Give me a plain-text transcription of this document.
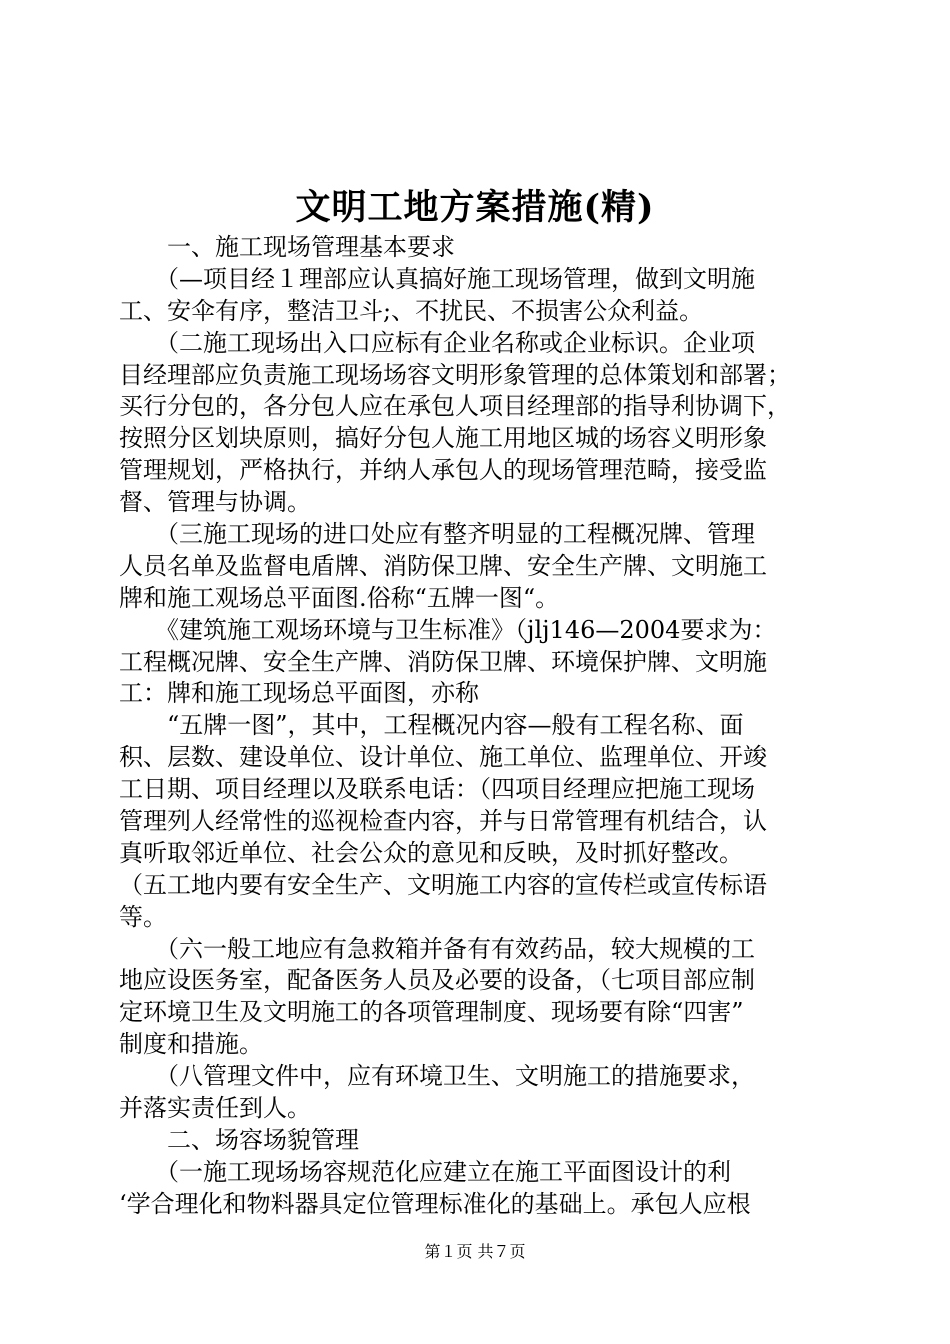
文明工地方案措施(精)
　　一、施工现场管理基本要求
　　（—项目经１理部应认真搞好施工现场管理，做到文明施
工、安伞有序，整洁卫斗;、不扰民、不损害公众利益。
　　（二施工现场出入口应标有企业名称或企业标识。企业项
目经理部应负责施工现场场容文明形象管理的总体策划和部署；
买行分包的，各分包人应在承包人项目经理部的指导利协调下，
按照分区划块原则，搞好分包人施工用地区城的场容义明形象
管理规划，严格执行，并纳人承包人的现场管理范畸，接受监
督、管理与协调。
　　（三施工现场的进口处应有整齐明显的工程概况牌、管理
人员名单及监督电盾牌、消防保卫牌、安全生产牌、文明施工
牌和施工观场总平面图.俗称“五牌一图“。
　　《建筑施工观场环境与卫生标准》（jlj146—2004要求为：
工程概况牌、安全生产牌、消防保卫牌、环境保护牌、文明施
工：牌和施工现场总平面图，亦称
　　“五牌一图”，其中，工程概况内容—般有工程名称、面
积、层数、建设单位、设计单位、施工单位、监理单位、开竣
工日期、项目经理以及联系电话：（四项目经理应把施工现场
管理列人经常性的巡视检查内容，并与日常管理有机结合，认
真听取邻近单位、社会公众的意见和反映，及时抓好整改。
（五工地内要有安全生产、文明施工内容的宣传栏或宣传标语
等。
　　（六一般工地应有急救箱并备有有效药品，较大规模的工
地应设医务室，配备医务人员及必要的设备，（七项目部应制
定环境卫生及文明施工的各项管理制度、现场要有除“四害”
制度和措施。
　　（八管理文件中，应有环境卫生、文明施工的措施要求，
并落实责任到人。
　　二、场容场貌管理
　　（一施工现场场容规范化应建立在施工平面图设计的利
‘学合理化和物料器具定位管理标准化的基础上。承包人应根
第１页 共７页
